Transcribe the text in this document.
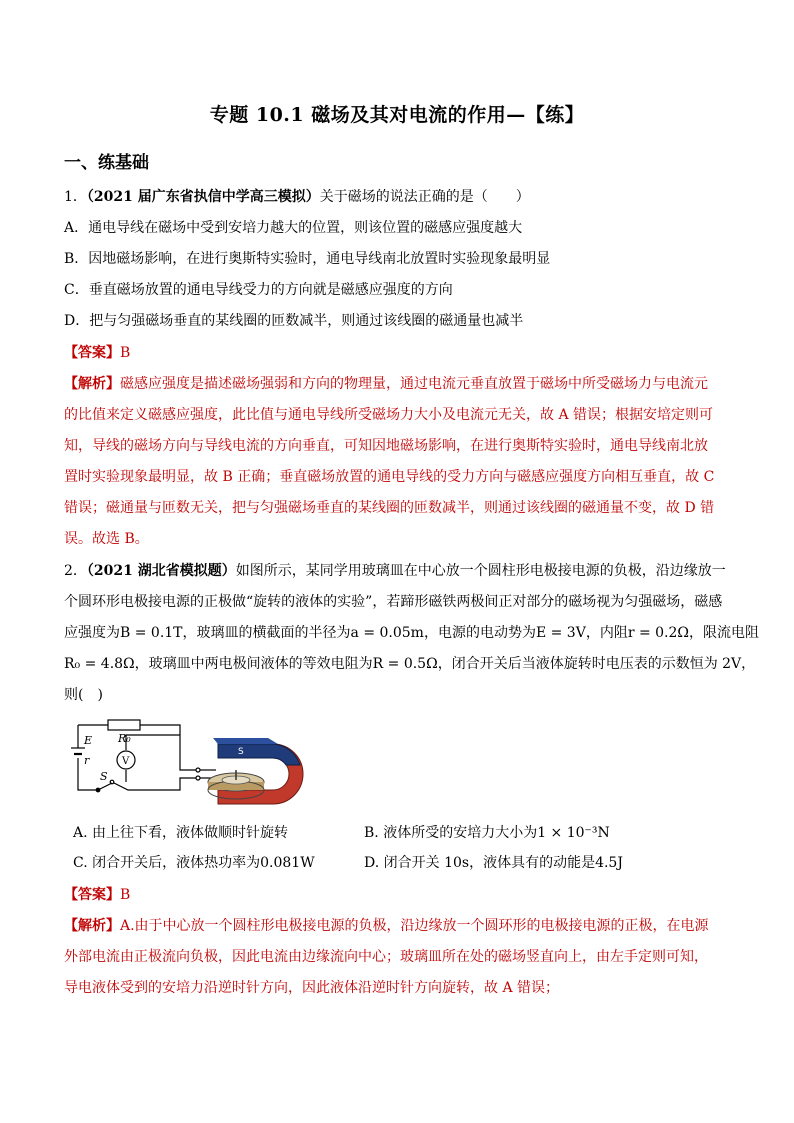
专题 10.1 磁场及其对电流的作用—【练】
一、练基础
1．（2021 届广东省执信中学高三模拟）关于磁场的说法正确的是（　　）
A．通电导线在磁场中受到安培力越大的位置，则该位置的磁感应强度越大
B．因地磁场影响，在进行奥斯特实验时，通电导线南北放置时实验现象最明显
C．垂直磁场放置的通电导线受力的方向就是磁感应强度的方向
D．把与匀强磁场垂直的某线圈的匝数减半，则通过该线圈的磁通量也减半
【答案】B
【解析】磁感应强度是描述磁场强弱和方向的物理量，通过电流元垂直放置于磁场中所受磁场力与电流元
的比值来定义磁感应强度，此比值与通电导线所受磁场力大小及电流元无关，故 A 错误；根据安培定则可
知，导线的磁场方向与导线电流的方向垂直，可知因地磁场影响，在进行奥斯特实验时，通电导线南北放
置时实验现象最明显，故 B 正确；垂直磁场放置的通电导线的受力方向与磁感应强度方向相互垂直，故 C
错误；磁通量与匝数无关，把与匀强磁场垂直的某线圈的匝数减半，则通过该线圈的磁通量不变，故 D 错
误。故选 B。
2．（2021 湖北省模拟题）如图所示，某同学用玻璃皿在中心放一个圆柱形电极接电源的负极，沿边缘放一
个圆环形电极接电源的正极做“旋转的液体的实验”，若蹄形磁铁两极间正对部分的磁场视为匀强磁场，磁感
应强度为B = 0.1T，玻璃皿的横截面的半径为a = 0.05m，电源的电动势为E = 3V，内阻r = 0.2Ω，限流电阻
R₀ = 4.8Ω，玻璃皿中两电极间液体的等效电阻为R = 0.5Ω，闭合开关后当液体旋转时电压表的示数恒为 2V，
则(　)
E
r
R₀
S
V
S
A. 由上往下看，液体做顺时针旋转	B. 液体所受的安培力大小为1 × 10⁻³N
C. 闭合开关后，液体热功率为0.081W	D. 闭合开关 10s，液体具有的动能是4.5J
【答案】B
【解析】A.由于中心放一个圆柱形电极接电源的负极，沿边缘放一个圆环形的电极接电源的正极，在电源
外部电流由正极流向负极，因此电流由边缘流向中心；玻璃皿所在处的磁场竖直向上，由左手定则可知，
导电液体受到的安培力沿逆时针方向，因此液体沿逆时针方向旋转，故 A 错误；
